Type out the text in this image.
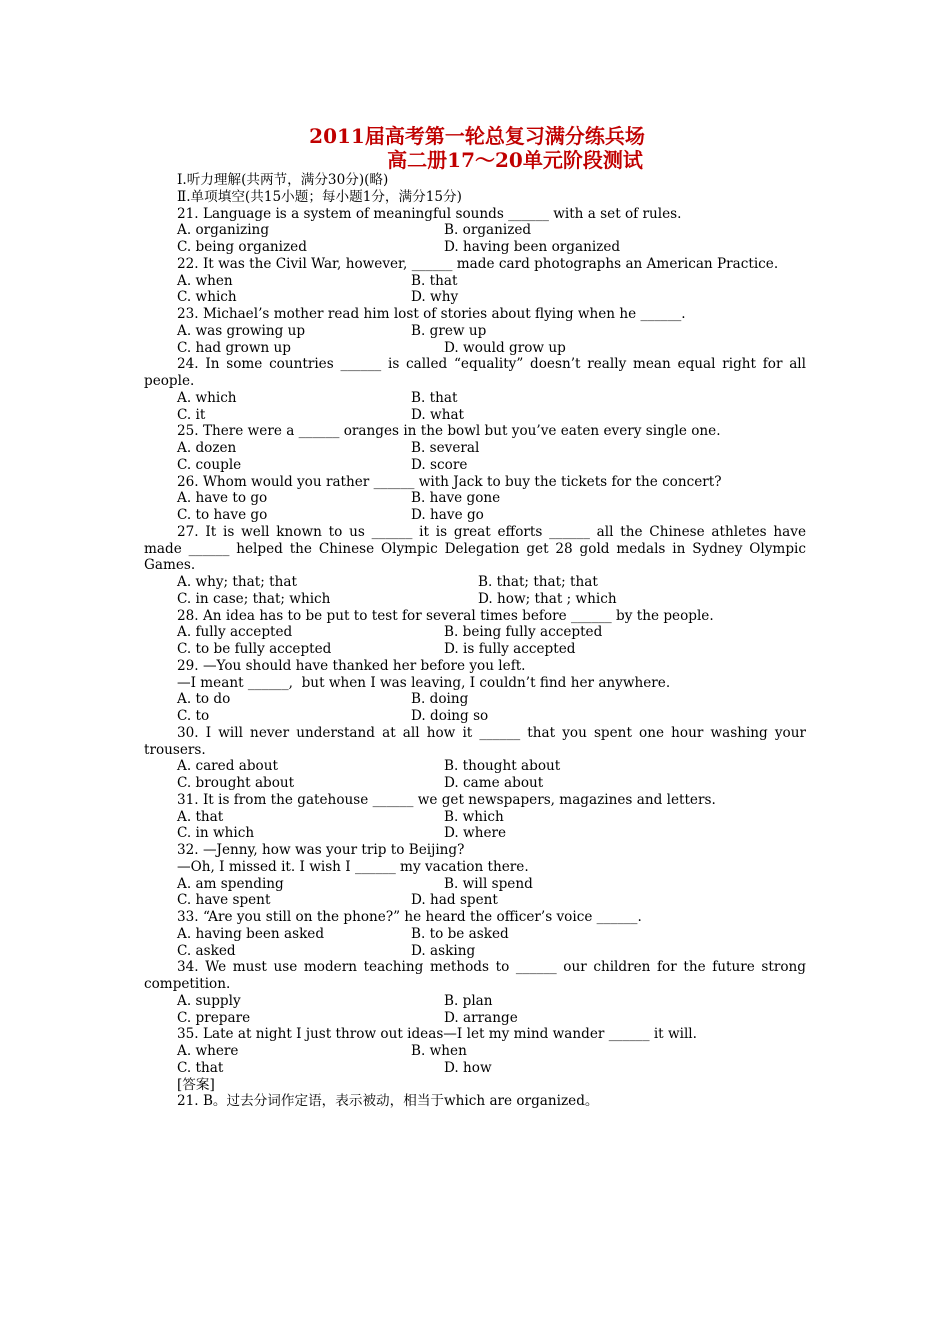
2011届高考第一轮总复习满分练兵场
高二册17～20单元阶段测试
Ⅰ.听力理解(共两节，满分30分)(略)
Ⅱ.单项填空(共15小题；每小题1分，满分15分)
21. Language is a system of meaningful sounds ______ with a set of rules.
A. organizing	B. organized
C. being organized	D. having been organized
22. It was the Civil War, however, ______ made card photographs an American Practice.
A. when	B. that
C. which	D. why
23. Michael’s mother read him lost of stories about flying when he ______.
A. was growing up	B. grew up
C. had grown up	D. would grow up
24. In some countries ______ is called “equality” doesn’t really mean equal right for all people.
A. which	B. that
C. it	D. what
25. There were a ______ oranges in the bowl but you’ve eaten every single one.
A. dozen	B. several
C. couple	D. score
26. Whom would you rather ______ with Jack to buy the tickets for the concert?
A. have to go	B. have gone
C. to have go	D. have go
27. It is well known to us ______ it is great efforts ______ all the Chinese athletes have made ______ helped the Chinese Olympic Delegation get 28 gold medals in Sydney Olympic Games.
A. why; that; that	B. that; that; that
C. in case; that; which	D. how; that ; which
28. An idea has to be put to test for several times before ______ by the people.
A. fully accepted	B. being fully accepted
C. to be fully accepted	D. is fully accepted
29. —You should have thanked her before you left.
—I meant ______,  but when I was leaving, I couldn’t find her anywhere.
A. to do	B. doing
C. to	D. doing so
30. I will never understand at all how it ______ that you spent one hour washing your trousers.
A. cared about	B. thought about
C. brought about	D. came about
31. It is from the gatehouse ______ we get newspapers, magazines and letters.
A. that	B. which
C. in which	D. where
32. —Jenny, how was your trip to Beijing?
—Oh, I missed it. I wish I ______ my vacation there.
A. am spending	B. will spend
C. have spent	D. had spent
33. “Are you still on the phone?” he heard the officer’s voice ______.
A. having been asked	B. to be asked
C. asked	D. asking
34. We must use modern teaching methods to ______ our children for the future strong competition.
A. supply	B. plan
C. prepare	D. arrange
35. Late at night I just throw out ideas—I let my mind wander ______ it will.
A. where	B. when
C. that	D. how
[答案]
21. B。过去分词作定语，表示被动，相当于which are organized。
